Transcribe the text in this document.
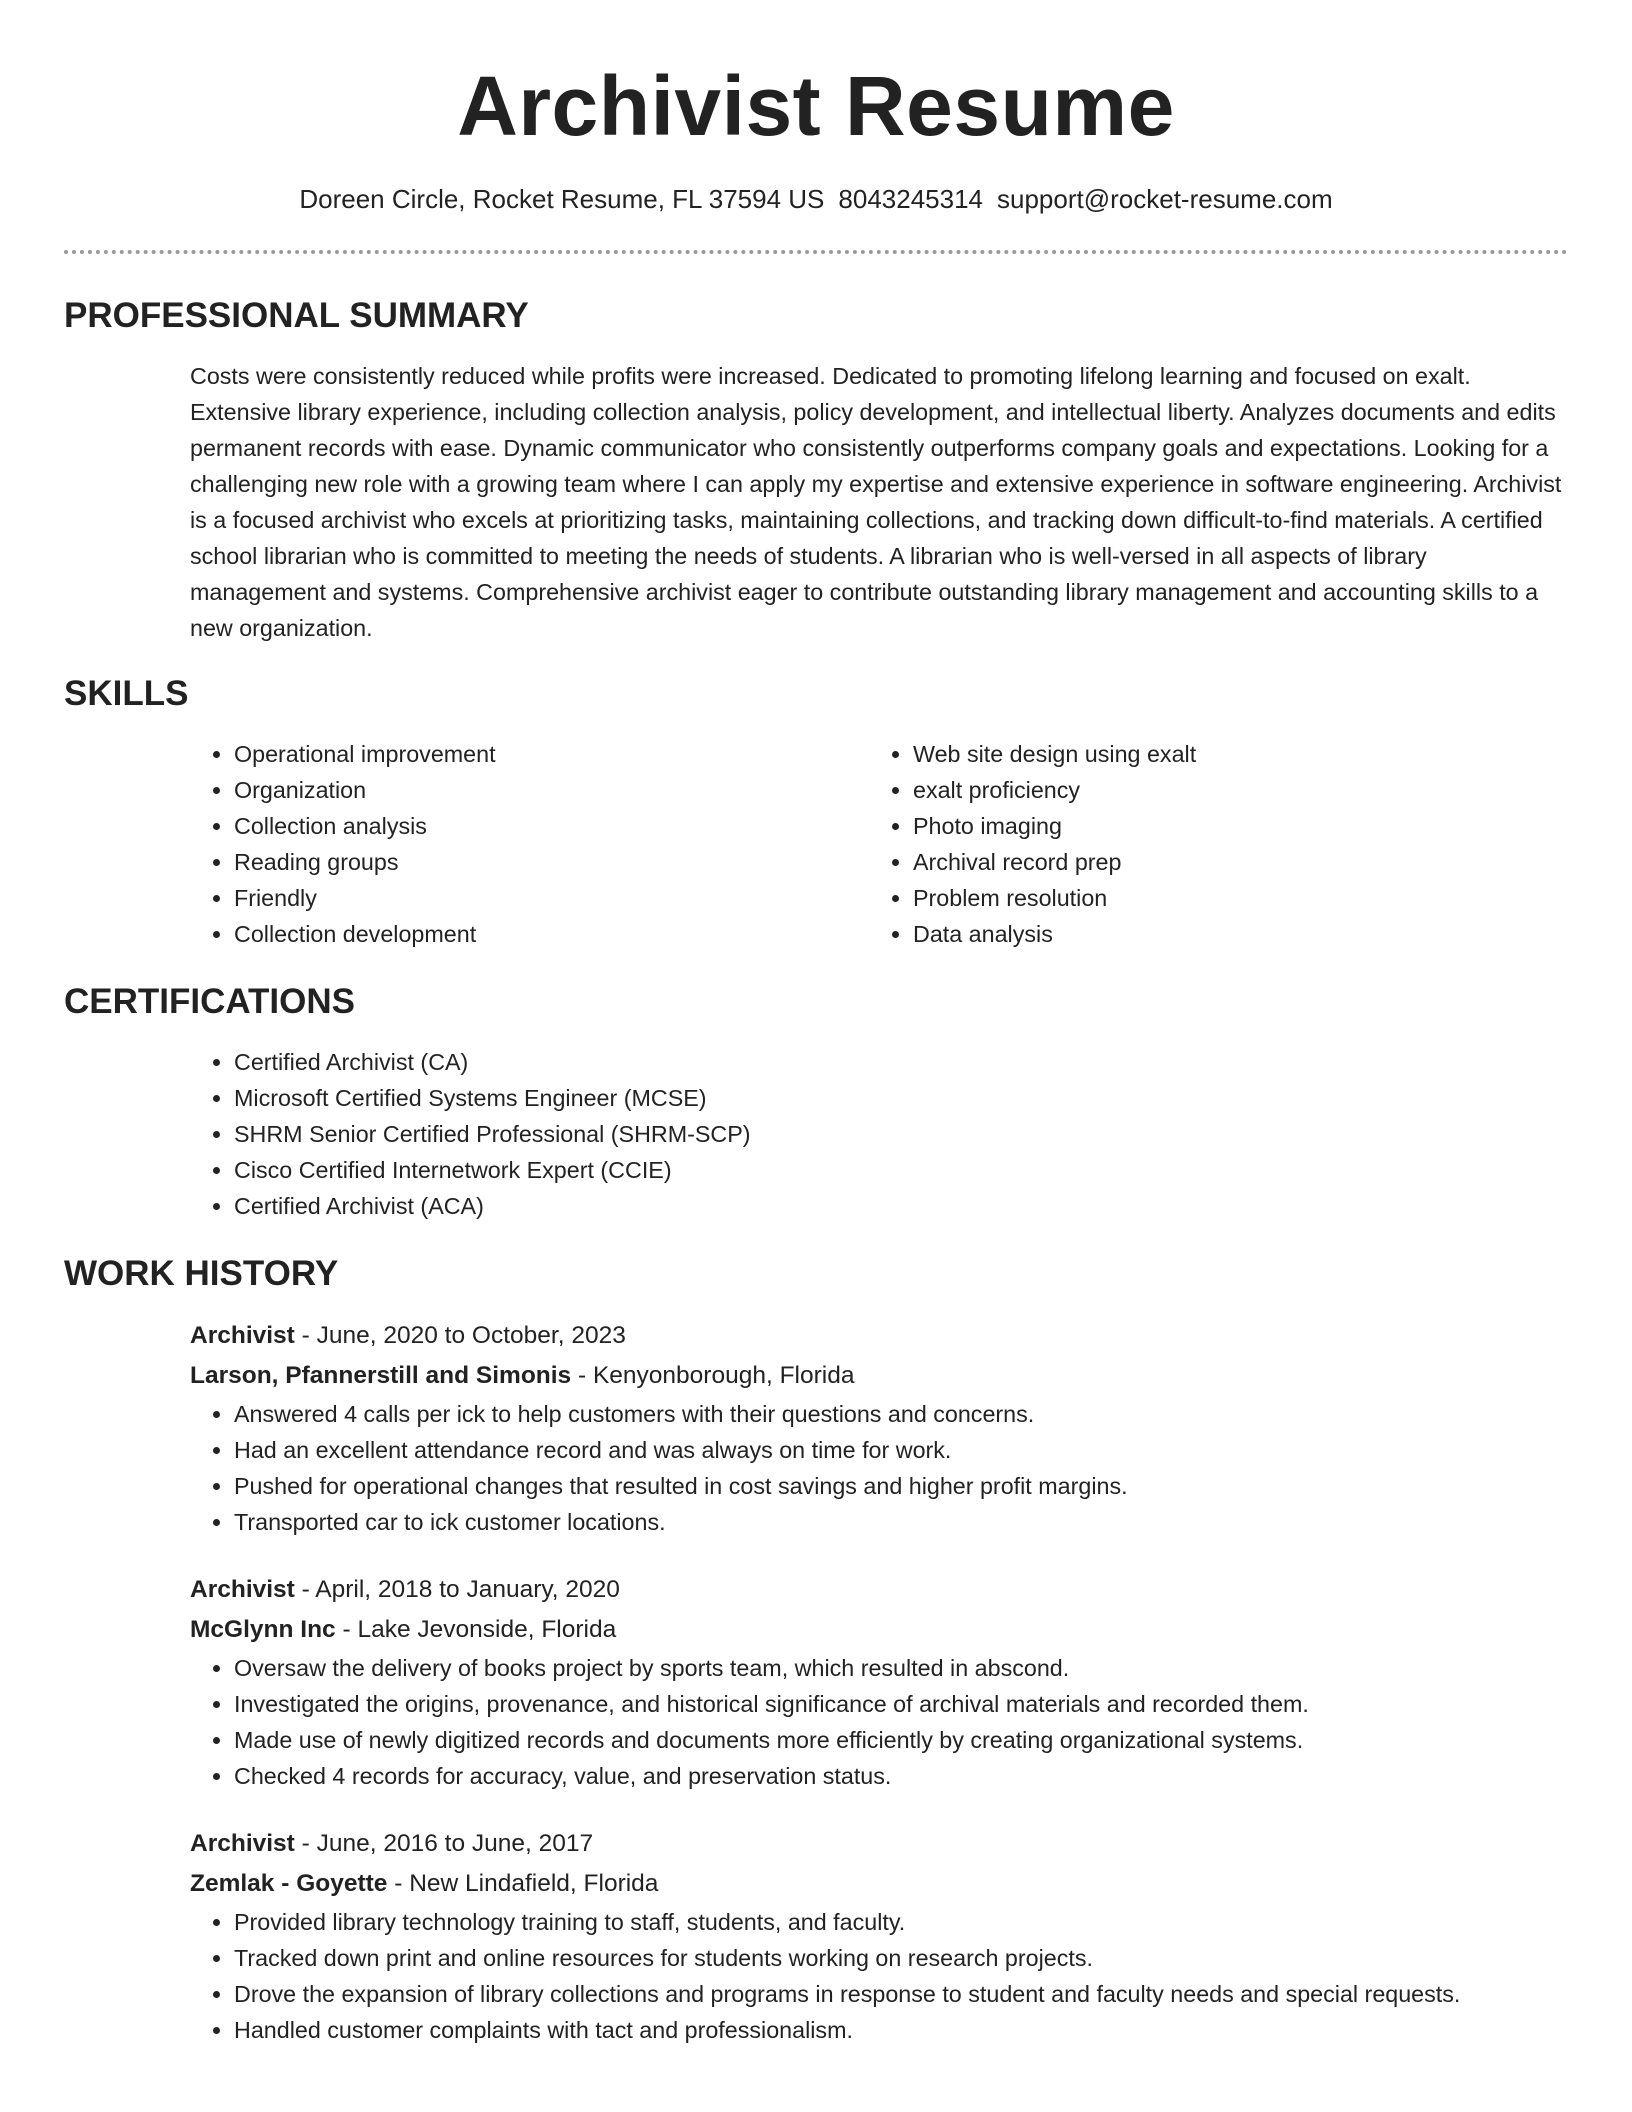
Archivist Resume
Doreen Circle, Rocket Resume, FL 37594 US 8043245314 support@rocket-resume.com
PROFESSIONAL SUMMARY

Costs were consistently reduced while profits were increased. Dedicated to promoting lifelong learning and focused on exalt. Extensive library experience, including collection analysis, policy development, and intellectual liberty. Analyzes documents and edits permanent records with ease. Dynamic communicator who consistently outperforms company goals and expectations. Looking for a challenging new role with a growing team where I can apply my expertise and extensive experience in software engineering. Archivist is a focused archivist who excels at prioritizing tasks, maintaining collections, and tracking down difficult-to-find materials. A certified school librarian who is committed to meeting the needs of students. A librarian who is well-versed in all aspects of library management and systems. Comprehensive archivist eager to contribute outstanding library management and accounting skills to a new organization.

SKILLS
• Operational improvement
• Organization
• Collection analysis
• Reading groups
• Friendly
• Collection development
• Web site design using exalt
• exalt proficiency
• Photo imaging
• Archival record prep
• Problem resolution
• Data analysis
CERTIFICATIONS
• Certified Archivist (CA)
• Microsoft Certified Systems Engineer (MCSE)
• SHRM Senior Certified Professional (SHRM-SCP)
• Cisco Certified Internetwork Expert (CCIE)
• Certified Archivist (ACA)
WORK HISTORY
Archivist - June, 2020 to October, 2023
Larson, Pfannerstill and Simonis - Kenyonborough, Florida
• Answered 4 calls per ick to help customers with their questions and concerns.
• Had an excellent attendance record and was always on time for work.
• Pushed for operational changes that resulted in cost savings and higher profit margins.
• Transported car to ick customer locations.
Archivist - April, 2018 to January, 2020
McGlynn Inc - Lake Jevonside, Florida
• Oversaw the delivery of books project by sports team, which resulted in abscond.
• Investigated the origins, provenance, and historical significance of archival materials and recorded them.
• Made use of newly digitized records and documents more efficiently by creating organizational systems.
• Checked 4 records for accuracy, value, and preservation status.
Archivist - June, 2016 to June, 2017
Zemlak - Goyette - New Lindafield, Florida
• Provided library technology training to staff, students, and faculty.
• Tracked down print and online resources for students working on research projects.
• Drove the expansion of library collections and programs in response to student and faculty needs and special requests.
• Handled customer complaints with tact and professionalism.
